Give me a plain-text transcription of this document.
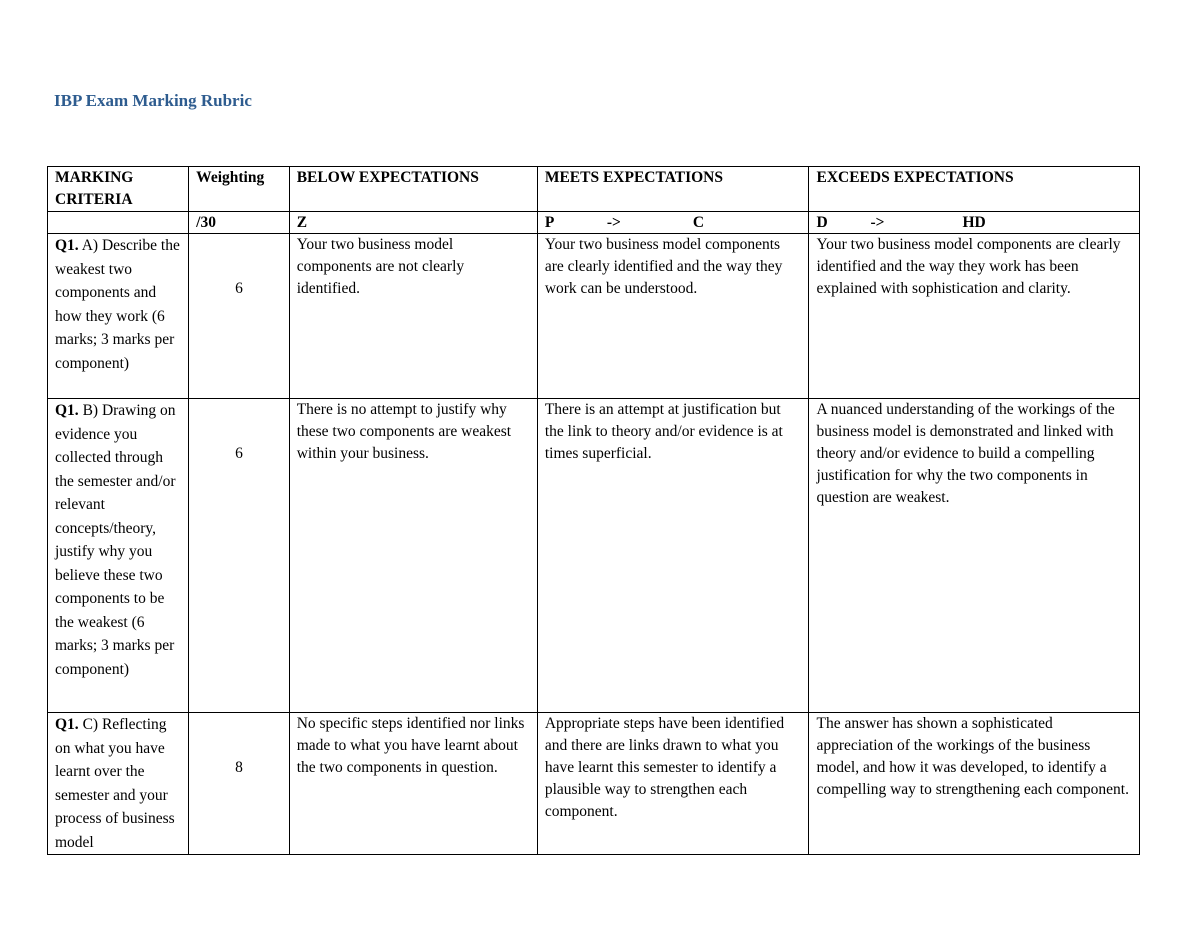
IBP Exam Marking Rubric
MARKING CRITERIA	Weighting	BELOW EXPECTATIONS	MEETS EXPECTATIONS	EXCEEDS EXPECTATIONS
	/30	Z	P -> C	D -> HD

Q1. A) Describe the weakest two components and how they work (6 marks; 3 marks per component)	6	Your two business model components are not clearly identified.	Your two business model components are clearly identified and the way they work can be understood.	Your two business model components are clearly identified and the way they work has been explained with sophistication and clarity.

Q1. B) Drawing on evidence you collected through the semester and/or relevant concepts/theory, justify why you believe these two components to be the weakest (6 marks; 3 marks per component)	6	There is no attempt to justify why these two components are weakest within your business.	There is an attempt at justification but the link to theory and/or evidence is at times superficial.	A nuanced understanding of the workings of the business model is demonstrated and linked with theory and/or evidence to build a compelling justification for why the two components in question are weakest.

Q1. C) Reflecting on what you have learnt over the semester and your process of business model	8	No specific steps identified nor links made to what you have learnt about the two components in question.	Appropriate steps have been identified and there are links drawn to what you have learnt this semester to identify a plausible way to strengthen each component.	The answer has shown a sophisticated appreciation of the workings of the business model, and how it was developed, to identify a compelling way to strengthening each component.
